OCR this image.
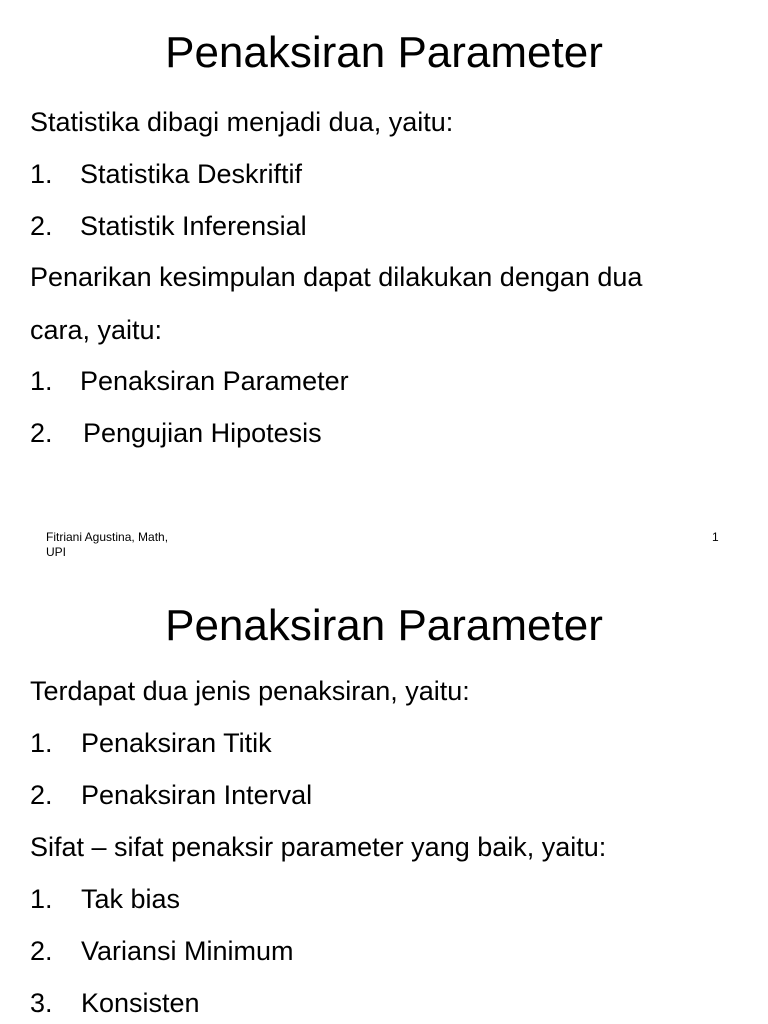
Penaksiran Parameter
Statistika dibagi menjadi dua, yaitu:
1. Statistika Deskriftif
2. Statistik Inferensial
Penarikan kesimpulan dapat dilakukan dengan dua
cara, yaitu:
1. Penaksiran Parameter
2. Pengujian Hipotesis
Fitriani Agustina, Math,
UPI
1
Penaksiran Parameter
Terdapat dua jenis penaksiran, yaitu:
1. Penaksiran Titik
2. Penaksiran Interval
Sifat – sifat penaksir parameter yang baik, yaitu:
1. Tak bias
2. Variansi Minimum
3. Konsisten
